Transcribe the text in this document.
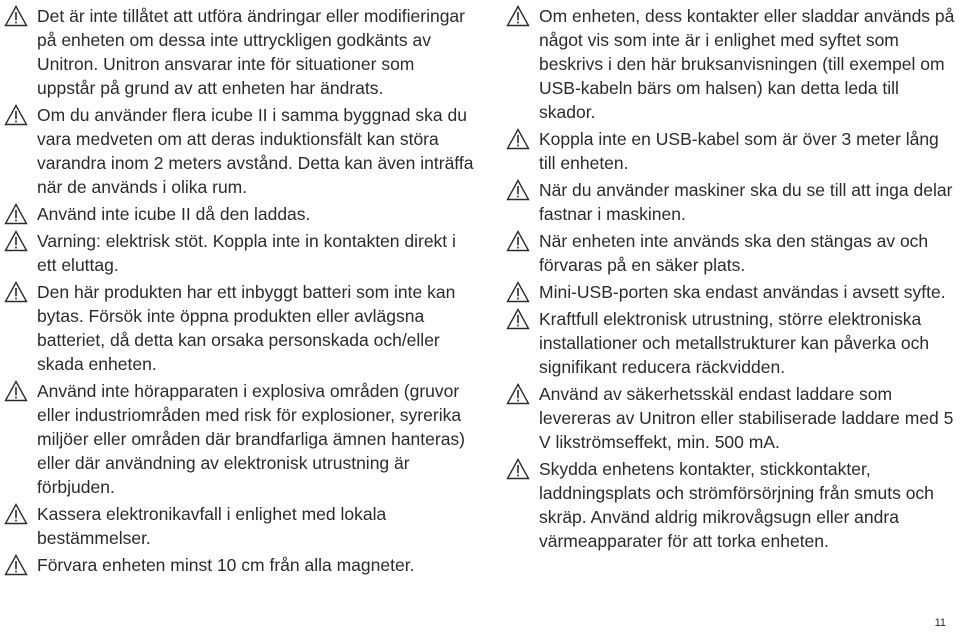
Det är inte tillåtet att utföra ändringar eller modifieringar på enheten om dessa inte uttryckligen godkänts av Unitron. Unitron ansvarar inte för situationer som uppstår på grund av att enheten har ändrats.
Om du använder flera icube II i samma byggnad ska du vara medveten om att deras induktionsfält kan störa varandra inom 2 meters avstånd. Detta kan även inträffa när de används i olika rum.
Använd inte icube II då den laddas.
Varning: elektrisk stöt. Koppla inte in kontakten direkt i ett eluttag.
Den här produkten har ett inbyggt batteri som inte kan bytas. Försök inte öppna produkten eller avlägsna batteriet, då detta kan orsaka personskada och/eller skada enheten.
Använd inte hörapparaten i explosiva områden (gruvor eller industriområden med risk för explosioner, syrerika miljöer eller områden där brandfarliga ämnen hanteras) eller där användning av elektronisk utrustning är förbjuden.
Kassera elektronikavfall i enlighet med lokala bestämmelser.
Förvara enheten minst 10 cm från alla magneter.
Om enheten, dess kontakter eller sladdar används på något vis som inte är i enlighet med syftet som beskrivs i den här bruksanvisningen (till exempel om USB-kabeln bärs om halsen) kan detta leda till skador.
Koppla inte en USB-kabel som är över 3 meter lång till enheten.
När du använder maskiner ska du se till att inga delar fastnar i maskinen.
När enheten inte används ska den stängas av och förvaras på en säker plats.
Mini-USB-porten ska endast användas i avsett syfte.
Kraftfull elektronisk utrustning, större elektroniska installationer och metallstrukturer kan påverka och signifikant reducera räckvidden.
Använd av säkerhetsskäl endast laddare som levereras av Unitron eller stabiliserade laddare med 5 V likströmseffekt, min. 500 mA.
Skydda enhetens kontakter, stickkontakter, laddningsplats och strömförsörjning från smuts och skräp. Använd aldrig mikrovågsugn eller andra värmeapparater för att torka enheten.
11
